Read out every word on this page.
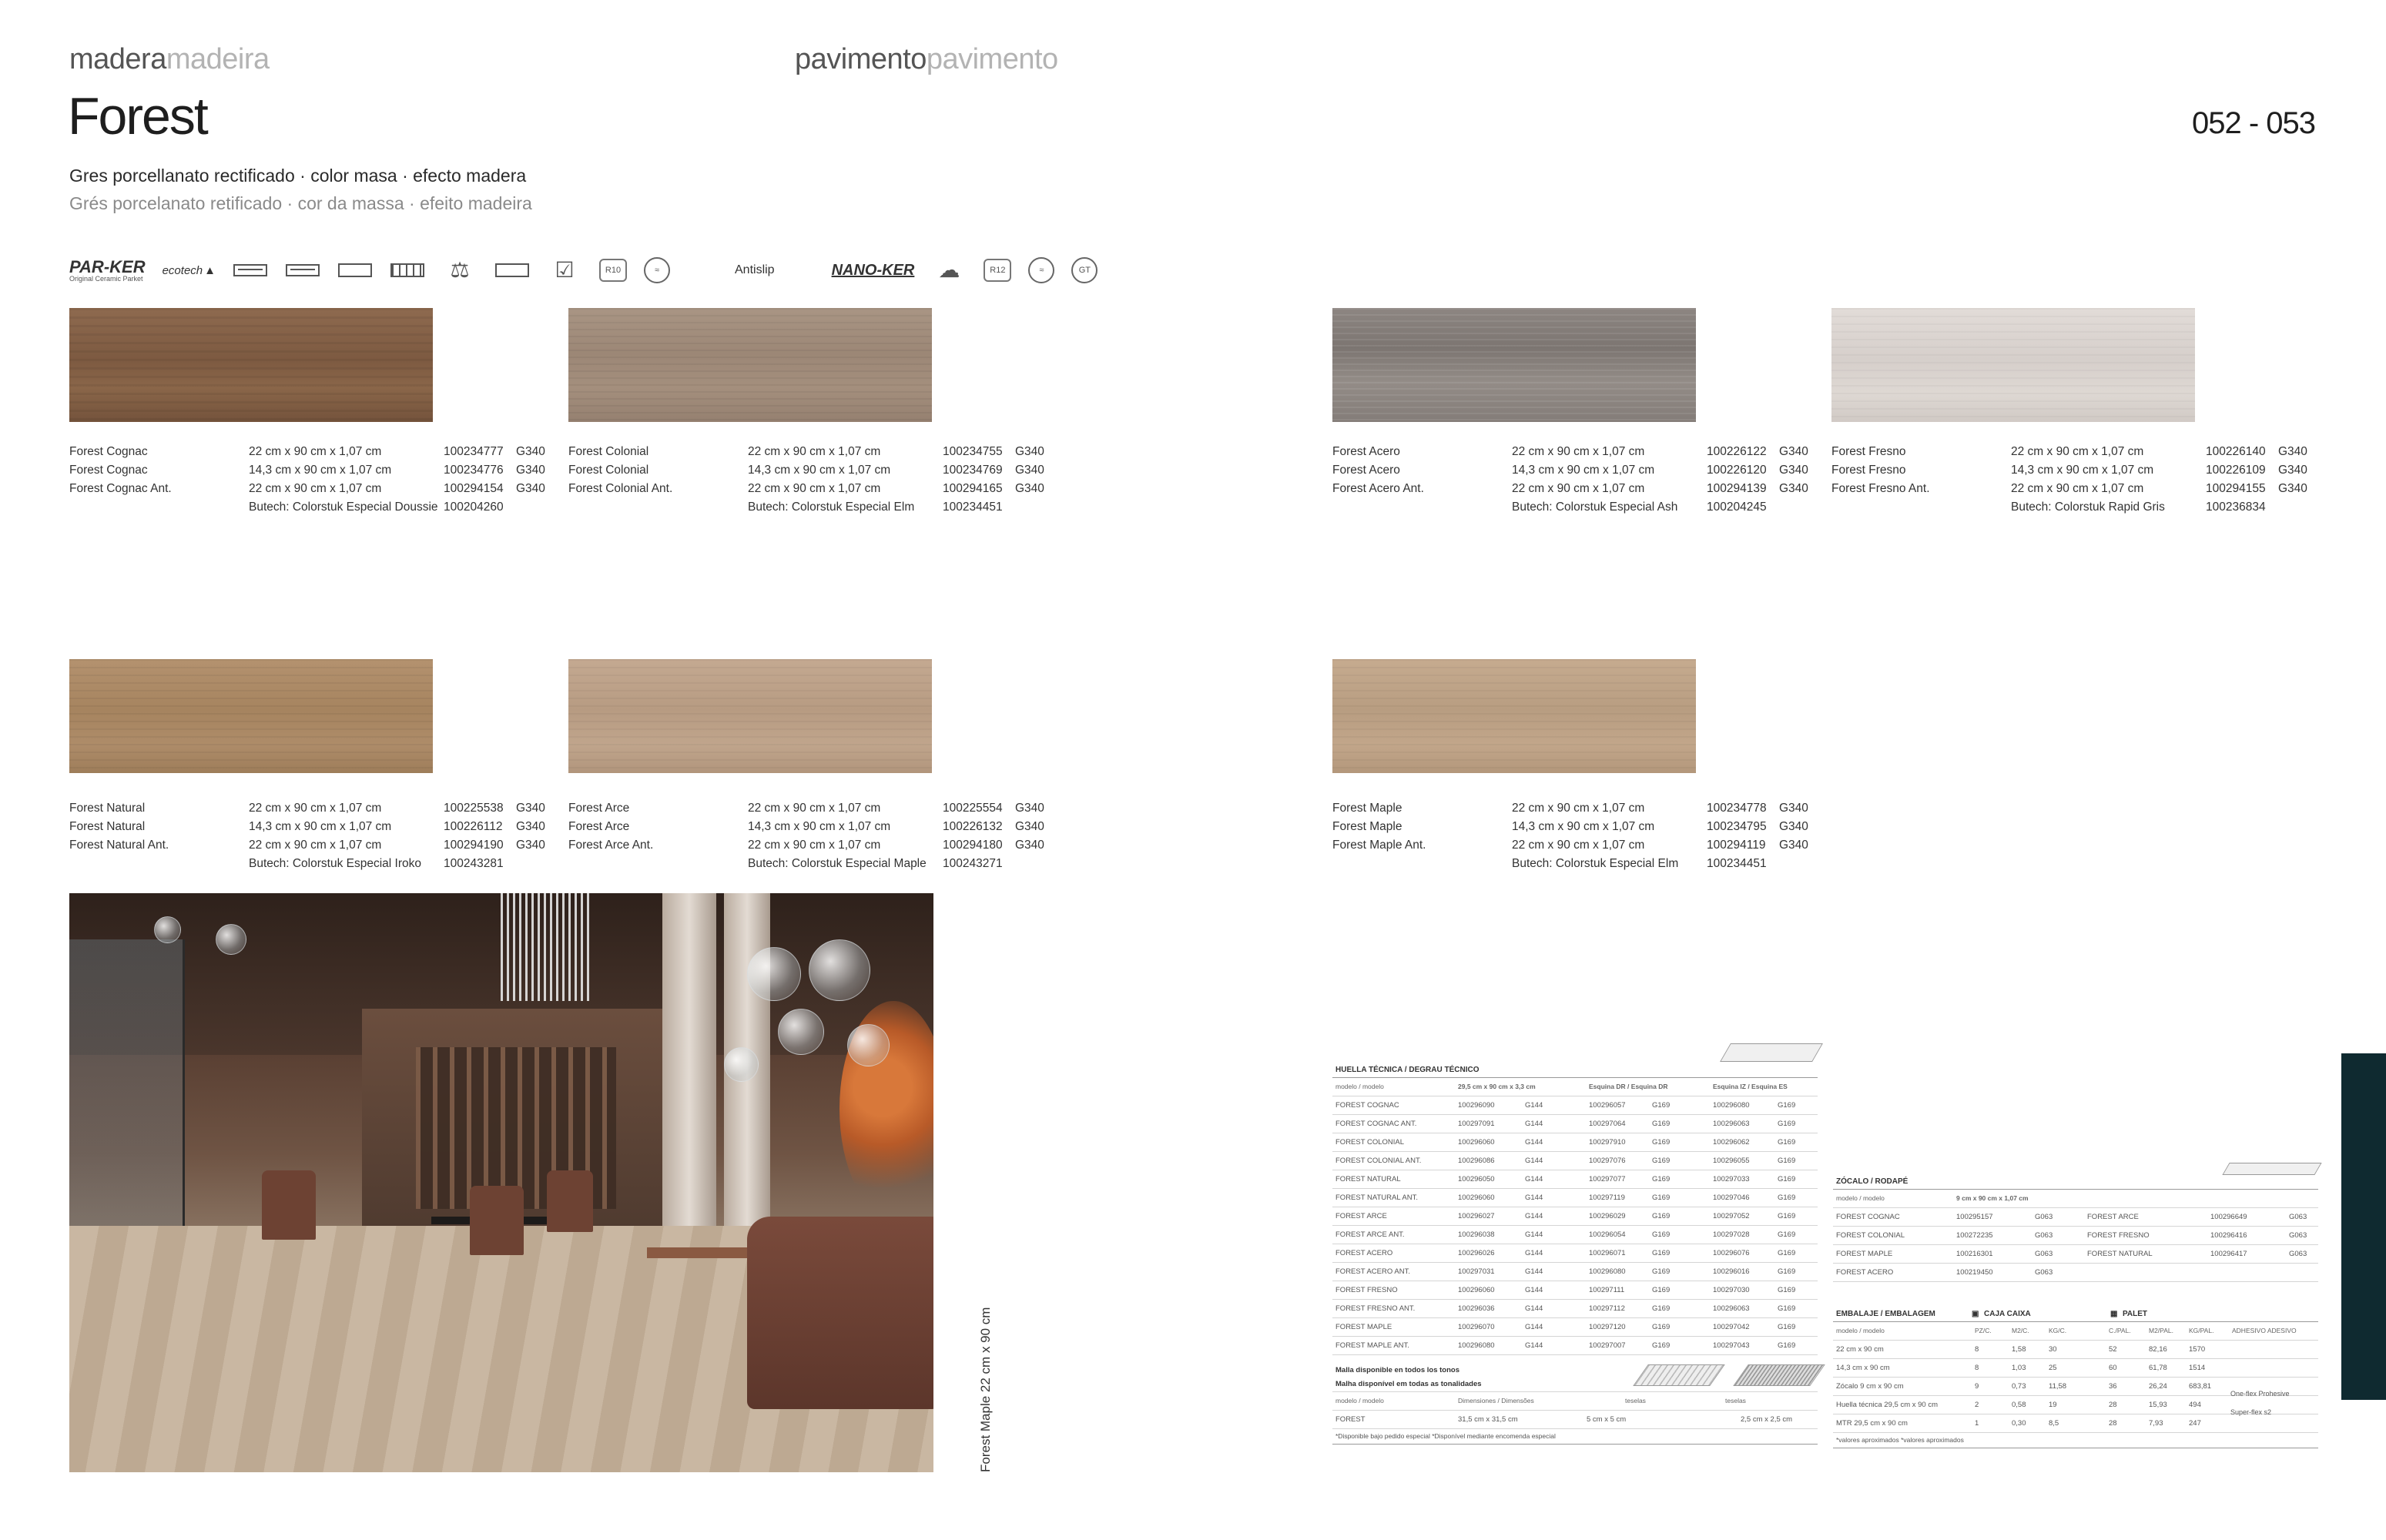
maderamadeira	pavimentopavimento
Forest	052 - 053
Gres porcellanato rectificado · color masa · efecto madera
Grés porcelanato retificado · cor da massa · efeito madeira
PAR-KER
Original Ceramic Parket
ecotech ▲	⚖	☑	R10	≈	Antislip	NANO-KER ☁	R12	≈	GT
Forest Cognac	22 cm x 90 cm x 1,07 cm	100234777 G340
Forest Cognac	14,3 cm x 90 cm x 1,07 cm	100234776 G340
Forest Cognac Ant.	22 cm x 90 cm x 1,07 cm	100294154 G340
Butech: Colorstuk Especial Doussie 100204260
Forest Colonial	22 cm x 90 cm x 1,07 cm	100234755 G340
Forest Colonial	14,3 cm x 90 cm x 1,07 cm	100234769 G340
Forest Colonial Ant.	22 cm x 90 cm x 1,07 cm	100294165 G340
Butech: Colorstuk Especial Elm 100234451
Forest Acero	22 cm x 90 cm x 1,07 cm	100226122 G340
Forest Acero	14,3 cm x 90 cm x 1,07 cm	100226120 G340
Forest Acero Ant.	22 cm x 90 cm x 1,07 cm	100294139 G340
Butech: Colorstuk Especial Ash 100204245
Forest Fresno	22 cm x 90 cm x 1,07 cm	100226140 G340
Forest Fresno	14,3 cm x 90 cm x 1,07 cm	100226109 G340
Forest Fresno Ant.	22 cm x 90 cm x 1,07 cm	100294155 G340
Butech: Colorstuk Rapid Gris	100236834
Forest Natural	22 cm x 90 cm x 1,07 cm	100225538 G340
Forest Natural	14,3 cm x 90 cm x 1,07 cm	100226112 G340
Forest Natural Ant.	22 cm x 90 cm x 1,07 cm	100294190 G340
Butech: Colorstuk Especial Iroko 100243281
Forest Arce	22 cm x 90 cm x 1,07 cm	100225554 G340
Forest Arce	14,3 cm x 90 cm x 1,07 cm	100226132 G340
Forest Arce Ant.	22 cm x 90 cm x 1,07 cm	100294180 G340
Butech: Colorstuk Especial Maple 100243271
Forest Maple	22 cm x 90 cm x 1,07 cm	100234778 G340
Forest Maple	14,3 cm x 90 cm x 1,07 cm	100234795 G340
Forest Maple Ant.	22 cm x 90 cm x 1,07 cm	100294119 G340
Butech: Colorstuk Especial Elm 100234451
Forest Maple 22 cm x 90 cm
HUELLA TÉCNICA / DEGRAU TÉCNICO
modelo / modelo	29,5 cm x 90 cm x 3,3 cm	Esquina DR / Esquina DR	Esquina IZ / Esquina ES
FOREST COGNAC	100296090	G144	100296057	G169	100296080	G169
FOREST COGNAC ANT.	100297091	G144	100297064	G169	100296063	G169
FOREST COLONIAL	100296060	G144	100297910	G169	100296062	G169
FOREST COLONIAL ANT.	100296086	G144	100297076	G169	100296055	G169
FOREST NATURAL	100296050	G144	100297077	G169	100297033	G169
FOREST NATURAL ANT.	100296060	G144	100297119	G169	100297046	G169
FOREST ARCE	100296027	G144	100296029	G169	100297052	G169
FOREST ARCE ANT.	100296038	G144	100296054	G169	100297028	G169
FOREST ACERO	100296026	G144	100296071	G169	100296076	G169
FOREST ACERO ANT.	100297031	G144	100296080	G169	100296016	G169
FOREST FRESNO	100296060	G144	100297111	G169	100297030	G169
FOREST FRESNO ANT.	100296036	G144	100297112	G169	100296063	G169
FOREST MAPLE	100296070	G144	100297120	G169	100297042	G169
FOREST MAPLE ANT.	100296080	G144	100297007	G169	100297043	G169
Malla disponible en todos los tonos
Malha disponível em todas as tonalidades
modelo / modelo	Dimensiones / Dimensões	teselas	teselas
FOREST	31,5 cm x 31,5 cm	5 cm x 5 cm	2,5 cm x 2,5 cm
*Disponible bajo pedido especial *Disponível mediante encomenda especial
ZÓCALO / RODAPÉ
modelo / modelo	9 cm x 90 cm x 1,07 cm
FOREST COGNAC	100295157	G063	FOREST ARCE	100296649	G063
FOREST COLONIAL	100272235	G063	FOREST FRESNO	100296416	G063
FOREST MAPLE	100216301	G063	FOREST NATURAL	100296417	G063
FOREST ACERO	100219450	G063
EMBALAJE / EMBALAGEM	▣ CAJA CAIXA	▦ PALET
modelo / modelo	PZ/C.	M2/C.	KG/C.	C./PAL.	M2/PAL. KG/PAL.	ADHESIVO ADESIVO
22 cm x 90 cm	8	1,58	30	52	82,16	1570
14,3 cm x 90 cm	8	1,03	25	60	61,78	1514
Zócalo 9 cm x 90 cm	9	0,73	11,58	36	26,24	683,81
Huella técnica 29,5 cm x 90 cm	2	0,58	19	28	15,93	494
MTR 29,5 cm x 90 cm	1	0,30	8,5	28	7,93	247
*valores aproximados *valores aproximados
One-flex Prohesive
Super-flex s2
